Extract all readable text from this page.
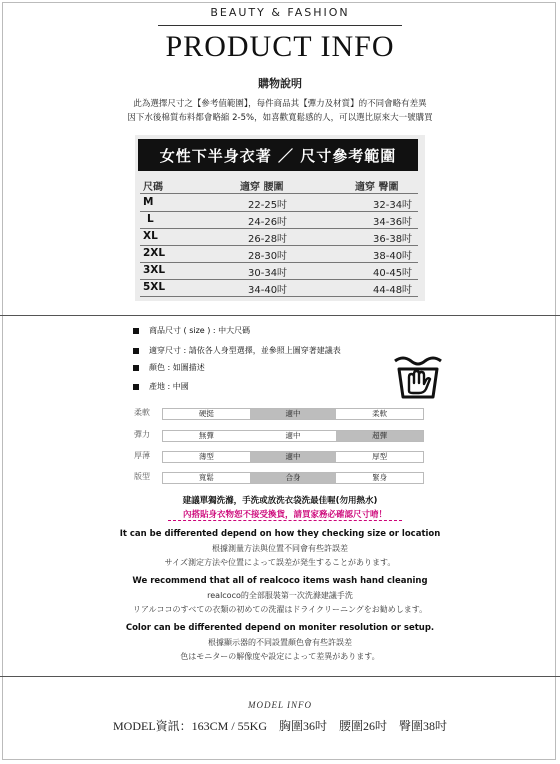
BEAUTY & FASHION
PRODUCT INFO
購物說明
此為選擇尺寸之【參考值範圍】，每件商品其【彈力及材質】的不同會略有差異
因下水後棉質布料都會略縮 2-5%，如喜歡寬鬆感的人，可以選比原來大一號購買
女性下半身衣著 ／ 尺寸參考範圍
尺碼	適穿 腰圍	適穿 臀圍
M	22-25吋	32-34吋
L	24-26吋	34-36吋
XL	26-28吋	36-38吋
2XL	28-30吋	38-40吋
3XL	30-34吋	40-45吋
5XL	34-40吋	44-48吋
商品尺寸 ( size ) : 中大尺碼
適穿尺寸 : 請依各人身型選擇，並參照上圖穿著建議表
顏色 : 如圖描述
產地 : 中國
柔軟	硬挺	適中	柔軟
彈力	無彈	適中	超彈
厚薄	薄型	適中	厚型
版型	寬鬆	合身	緊身
建議單獨洗滌，手洗或放洗衣袋洗最佳喔(勿用熱水)
內搭貼身衣物恕不接受換貨，請買家務必確認尺寸唷！
It can be differented depend on how they checking size or location
根據測量方法與位置不同會有些許誤差
サイズ測定方法や位置によって誤差が発生することがあります。
We recommend that all of realcoco items wash hand cleaning
realcoco的全部服裝第一次洗滌建議手洗
リアルココのすべての衣類の初めての洗濯はドライクリーニングをお勧めします。
Color can be differented depend on moniter resolution or setup.
根據顯示器的不同設置顏色會有些許誤差
色はモニターの解像度や設定によって差異があります。
MODEL INFO
MODEL資訊：163CM / 55KG　胸圍36吋　腰圍26吋　臀圍38吋
